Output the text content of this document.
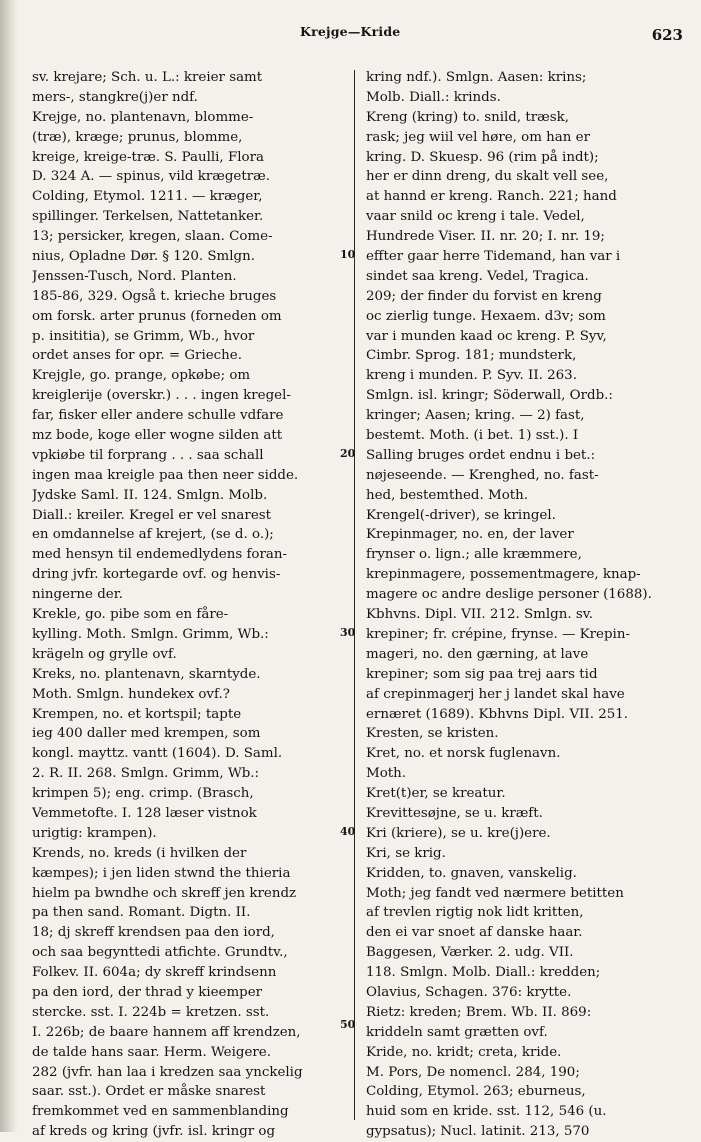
Krejge—Kride	623
sv. krejare; Sch. u. L.: kreier samt
mers-, stangkre(j)er ndf.
Krejge, no. plantenavn, blomme-
(træ), kræge; prunus, blomme,
kreige, kreige-træ. S. Paulli, Flora
D. 324 A. — spinus, vild krægetræ.
Colding, Etymol. 1211. — kræger,
spillinger. Terkelsen, Nattetanker.
13; persicker, kregen, slaan. Come-
nius, Opladne Dør. § 120. Smlgn.
Jenssen-Tusch, Nord. Planten.
185-86, 329. Også t. krieche bruges
om forsk. arter prunus (forneden om
p. insititia), se Grimm, Wb., hvor
ordet anses for opr. = Grieche.
Krejgle, go. prange, opkøbe; om
kreiglerije (overskr.) . . . ingen kregel-
far, fisker eller andere schulle vdfare
mz bode, koge eller wogne silden att
vpkiøbe til forprang . . . saa schall
ingen maa kreigle paa then neer sidde.
Jydske Saml. II. 124. Smlgn. Molb.
Diall.: kreiler. Kregel er vel snarest
en omdannelse af krejert, (se d. o.);
med hensyn til endemedlydens foran-
dring jvfr. kortegarde ovf. og henvis-
ningerne der.
Krekle, go. pibe som en fåre-
kylling. Moth. Smlgn. Grimm, Wb.:
krägeln og grylle ovf.
Kreks, no. plantenavn, skarntyde.
Moth. Smlgn. hundekex ovf.?
Krempen, no. et kortspil; tapte
ieg 400 daller med krempen, som
kongl. mayttz. vantt (1604). D. Saml.
2. R. II. 268. Smlgn. Grimm, Wb.:
krimpen 5); eng. crimp. (Brasch,
Vemmetofte. I. 128 læser vistnok
urigtig: krampen).
Krends, no. kreds (i hvilken der
kæmpes); i jen liden stwnd the thieria
hielm pa bwndhe och skreff jen krendz
pa then sand. Romant. Digtn. II.
18; dj skreff krendsen paa den iord,
och saa begynttedi atfichte. Grundtv.,
Folkev. II. 604a; dy skreff krindsenn
pa den iord, der thrad y kieemper
stercke. sst. I. 224b = kretzen. sst.
I. 226b; de baare hannem aff krendzen,
de talde hans saar. Herm. Weigere.
282 (jvfr. han laa i kredzen saa ynckelig
saar. sst.). Ordet er måske snarest
fremkommet ved en sammenblanding
af kreds og kring (jvfr. isl. kringr og
kring ndf.). Smlgn. Aasen: krins;
Molb. Diall.: krinds.
Kreng (kring) to. snild, træsk,
rask; jeg wiil vel høre, om han er
kring. D. Skuesp. 96 (rim på indt);
her er dinn dreng, du skalt vell see,
at hannd er kreng. Ranch. 221; hand
vaar snild oc kreng i tale. Vedel,
Hundrede Viser. II. nr. 20; I. nr. 19;
effter gaar herre Tidemand, han var i
sindet saa kreng. Vedel, Tragica.
209; der finder du forvist en kreng
oc zierlig tunge. Hexaem. d3v; som
var i munden kaad oc kreng. P. Syv,
Cimbr. Sprog. 181; mundsterk,
kreng i munden. P. Syv. II. 263.
Smlgn. isl. kringr; Söderwall, Ordb.:
kringer; Aasen; kring. — 2) fast,
bestemt. Moth. (i bet. 1) sst.). I
Salling bruges ordet endnu i bet.:
nøjeseende. — Krenghed, no. fast-
hed, bestemthed. Moth.
Krengel(-driver), se kringel.
Krepinmager, no. en, der laver
frynser o. lign.; alle kræmmere,
krepinmagere, possementmagere, knap-
magere oc andre deslige personer (1688).
Kbhvns. Dipl. VII. 212. Smlgn. sv.
krepiner; fr. crépine, frynse. — Krepin-
mageri, no. den gærning, at lave
krepiner; som sig paa trej aars tid
af crepinmagerj her j landet skal have
ernæret (1689). Kbhvns Dipl. VII. 251.
Kresten, se kristen.
Kret, no. et norsk fuglenavn.
Moth.
Kret(t)er, se kreatur.
Krevittesøjne, se u. kræft.
Kri (kriere), se u. kre(j)ere.
Kri, se krig.
Kridden, to. gnaven, vanskelig.
Moth; jeg fandt ved nærmere betitten
af trevlen rigtig nok lidt kritten,
den ei var snoet af danske haar.
Baggesen, Værker. 2. udg. VII.
118. Smlgn. Molb. Diall.: kredden;
Olavius, Schagen. 376: krytte.
Rietz: kreden; Brem. Wb. II. 869:
kriddeln samt grætten ovf.
Kride, no. kridt; creta, kride.
M. Pors, De nomencl. 284, 190;
Colding, Etymol. 263; eburneus,
huid som en kride. sst. 112, 546 (u.
gypsatus); Nucl. latinit. 213, 570
10
20
30
40
50
